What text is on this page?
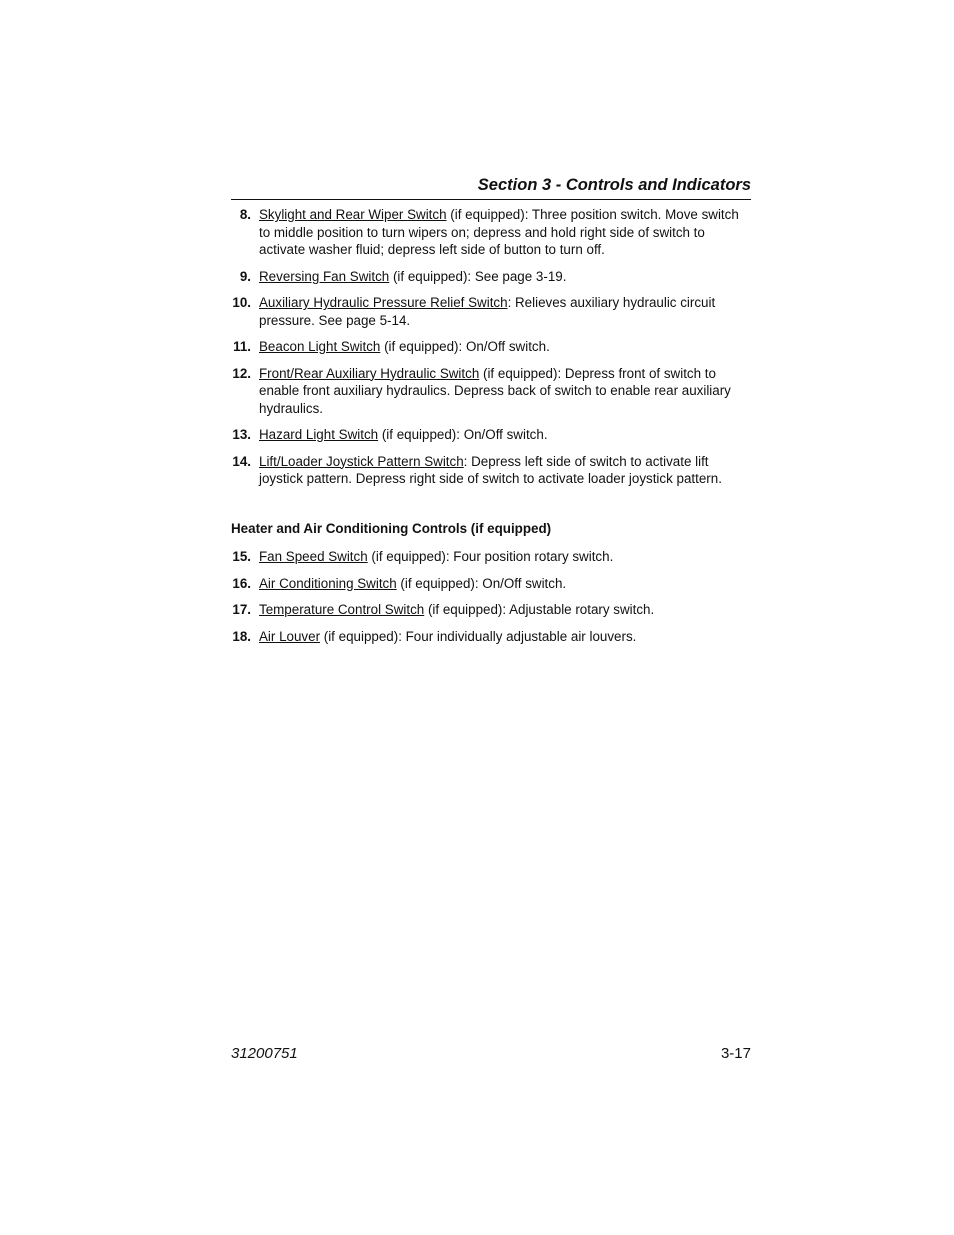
Section 3 - Controls and Indicators
8. Skylight and Rear Wiper Switch (if equipped): Three position switch. Move switch to middle position to turn wipers on; depress and hold right side of switch to activate washer fluid; depress left side of button to turn off.
9. Reversing Fan Switch (if equipped): See page 3-19.
10. Auxiliary Hydraulic Pressure Relief Switch: Relieves auxiliary hydraulic circuit pressure. See page 5-14.
11. Beacon Light Switch (if equipped): On/Off switch.
12. Front/Rear Auxiliary Hydraulic Switch (if equipped): Depress front of switch to enable front auxiliary hydraulics. Depress back of switch to enable rear auxiliary hydraulics.
13. Hazard Light Switch (if equipped): On/Off switch.
14. Lift/Loader Joystick Pattern Switch: Depress left side of switch to activate lift joystick pattern. Depress right side of switch to activate loader joystick pattern.
Heater and Air Conditioning Controls (if equipped)
15. Fan Speed Switch (if equipped): Four position rotary switch.
16. Air Conditioning Switch (if equipped): On/Off switch.
17. Temperature Control Switch (if equipped): Adjustable rotary switch.
18. Air Louver (if equipped): Four individually adjustable air louvers.
31200751	3-17
